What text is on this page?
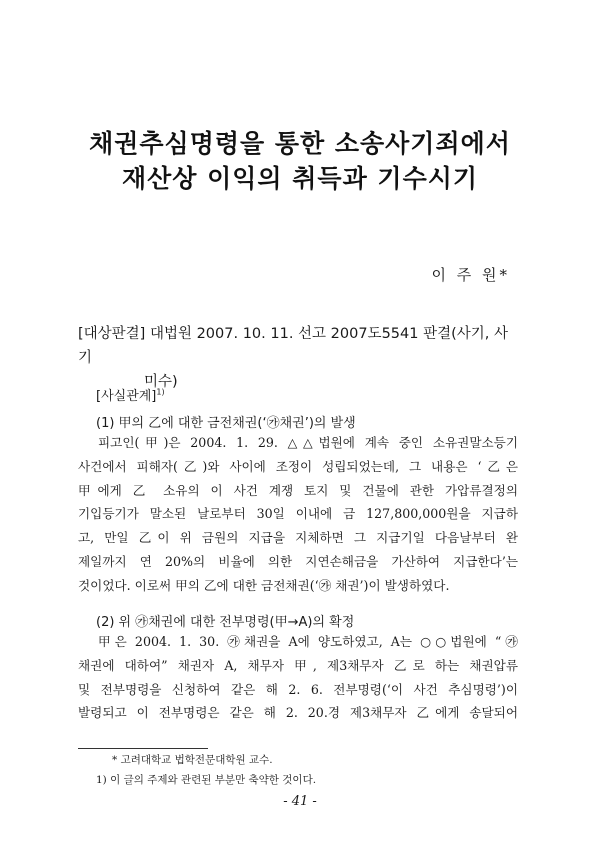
채권추심명령을 통한 소송사기죄에서
재산상 이익의 취득과 기수시기
이 주 원*
[대상판결] 대법원 2007. 10. 11. 선고 2007도5541 판결(사기, 사기
미수)
[사실관계]$^{1)}$
(1) 甲의 乙에 대한 금전채권(‘㉮채권’)의 발생
피고인(甲)은 2004. 1. 29. △△법원에 계속 중인 소유권말소등기
사건에서 피해자(乙)와 사이에 조정이 성립되었는데, 그 내용은 ‘乙은
甲에게 乙 소유의 이 사건 계쟁 토지 및 건물에 관한 가압류결정의
기입등기가 말소된 날로부터 30일 이내에 금 127,800,000원을 지급하
고, 만일 乙이 위 금원의 지급을 지체하면 그 지급기일 다음날부터 완
제일까지 연 20%의 비율에 의한 지연손해금을 가산하여 지급한다’는
것이었다. 이로써 甲의 乙에 대한 금전채권(‘㉮ 채권’)이 발생하였다.
(2) 위 ㉮채권에 대한 전부명령(甲→A)의 확정
甲은 2004. 1. 30. ㉮채권을 A에 양도하였고, A는 ○○법원에 “㉮
채권에 대하여” 채권자 A, 채무자 甲, 제3채무자 乙로 하는 채권압류
및 전부명령을 신청하여 같은 해 2. 6. 전부명령(‘이 사건 추심명령’)이
발령되고 이 전부명령은 같은 해 2. 20.경 제3채무자 乙에게 송달되어
* 고려대학교 법학전문대학원 교수.
1) 이 글의 주제와 관련된 부분만 축약한 것이다.
- 41 -
